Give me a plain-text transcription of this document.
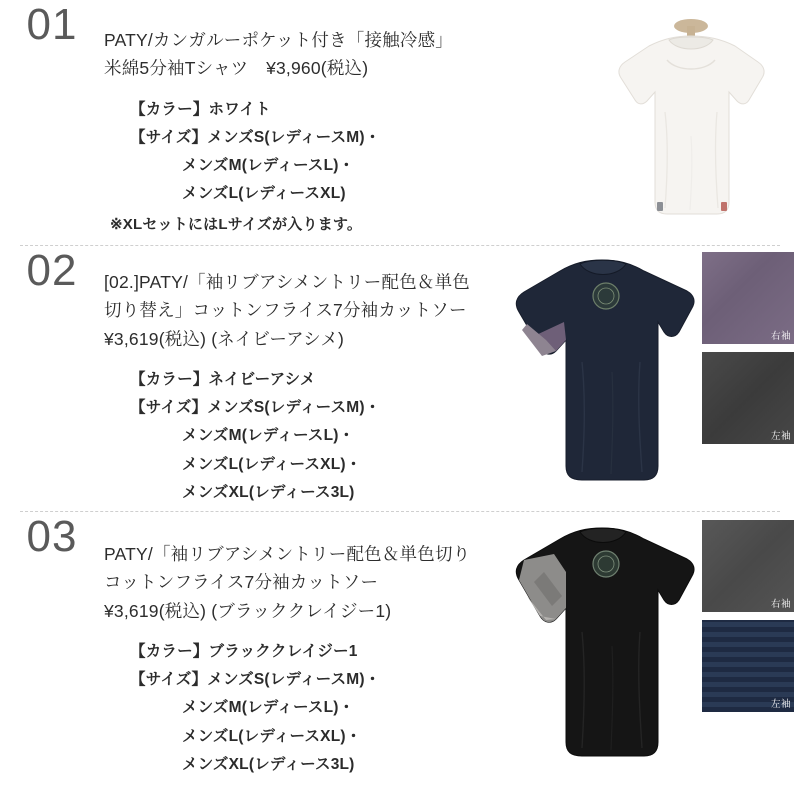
01	PATY/カンガルーポケット付き「接触冷感」
米綿5分袖Tシャツ　¥3,960(税込)
【カラー】ホワイト
【サイズ】メンズS(レディースM)・
メンズM(レディースL)・
メンズL(レディースXL)
※XLセットにはLサイズが入ります。
02	[02.]PATY/「袖リブアシメントリー配色＆単色
切り替え」コットンフライス7分袖カットソー
¥3,619(税込) (ネイビーアシメ)
【カラー】ネイビーアシメ
【サイズ】メンズS(レディースM)・
メンズM(レディースL)・
メンズL(レディースXL)・
メンズXL(レディース3L)
右袖
左袖
03	PATY/「袖リブアシメントリー配色＆単色切り
コットンフライス7分袖カットソー
¥3,619(税込) (ブラッククレイジー1)
【カラー】ブラッククレイジー1
【サイズ】メンズS(レディースM)・
メンズM(レディースL)・
メンズL(レディースXL)・
メンズXL(レディース3L)
右袖
左袖
